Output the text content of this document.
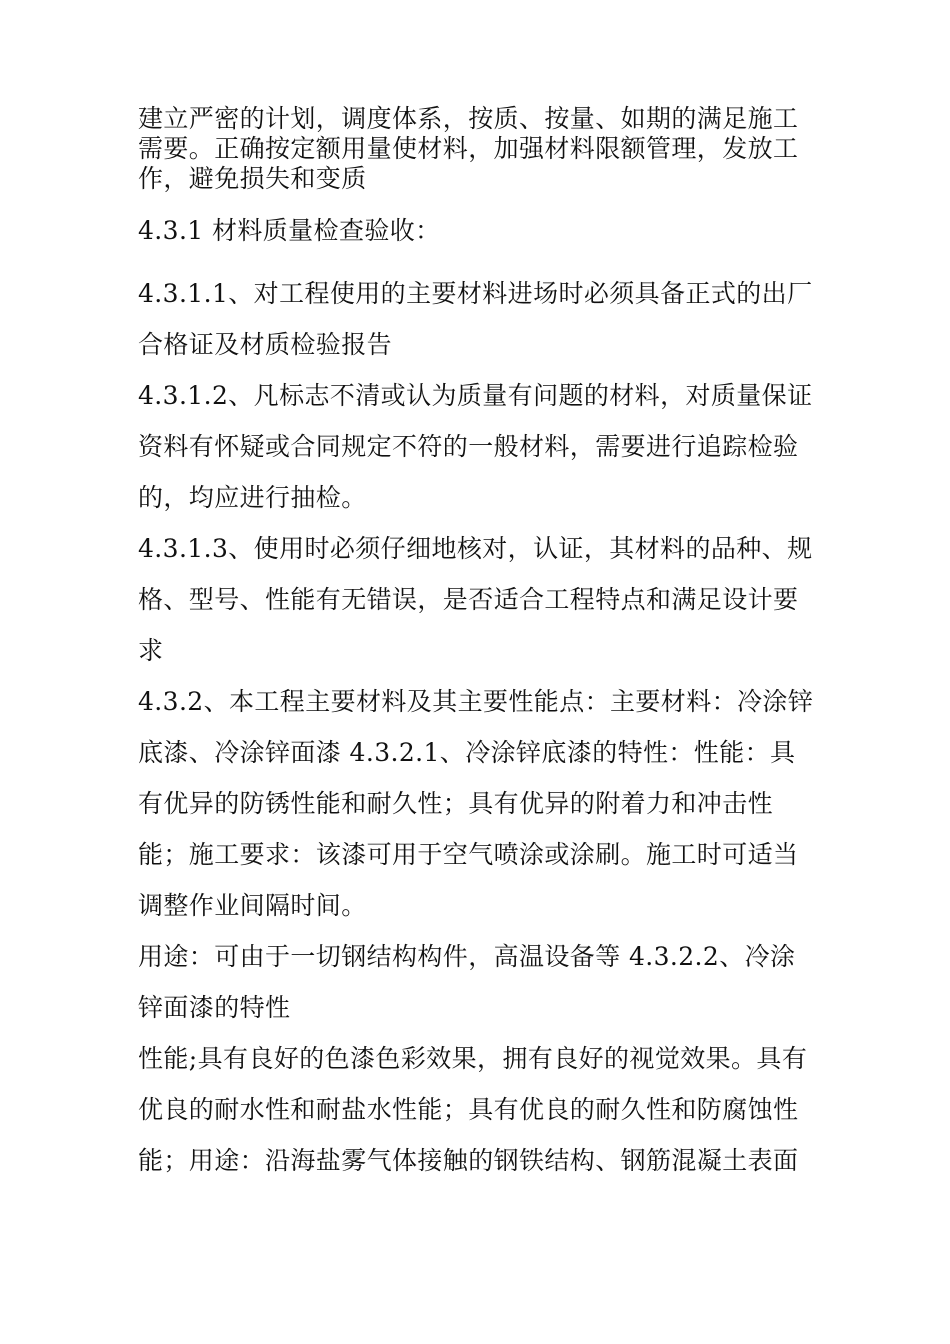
建立严密的计划，调度体系，按质、按量、如期的满足施工需要。正确按定额用量使材料，加强材料限额管理，发放工作，避免损失和变质

4.3.1 材料质量检查验收：

4.3.1.1、对工程使用的主要材料进场时必须具备正式的出厂合格证及材质检验报告

4.3.1.2、凡标志不清或认为质量有问题的材料，对质量保证资料有怀疑或合同规定不符的一般材料，需要进行追踪检验的，均应进行抽检。

4.3.1.3、使用时必须仔细地核对，认证，其材料的品种、规格、型号、性能有无错误，是否适合工程特点和满足设计要求

4.3.2、本工程主要材料及其主要性能点：主要材料：冷涂锌底漆、冷涂锌面漆 4.3.2.1、冷涂锌底漆的特性：性能：具有优异的防锈性能和耐久性；具有优异的附着力和冲击性能；施工要求：该漆可用于空气喷涂或涂刷。施工时可适当调整作业间隔时间。

用途：可由于一切钢结构构件，高温设备等 4.3.2.2、冷涂锌面漆的特性

性能;具有良好的色漆色彩效果，拥有良好的视觉效果。具有优良的耐水性和耐盐水性能；具有优良的耐久性和防腐蚀性能；用途：沿海盐雾气体接触的钢铁结构、钢筋混凝土表面
